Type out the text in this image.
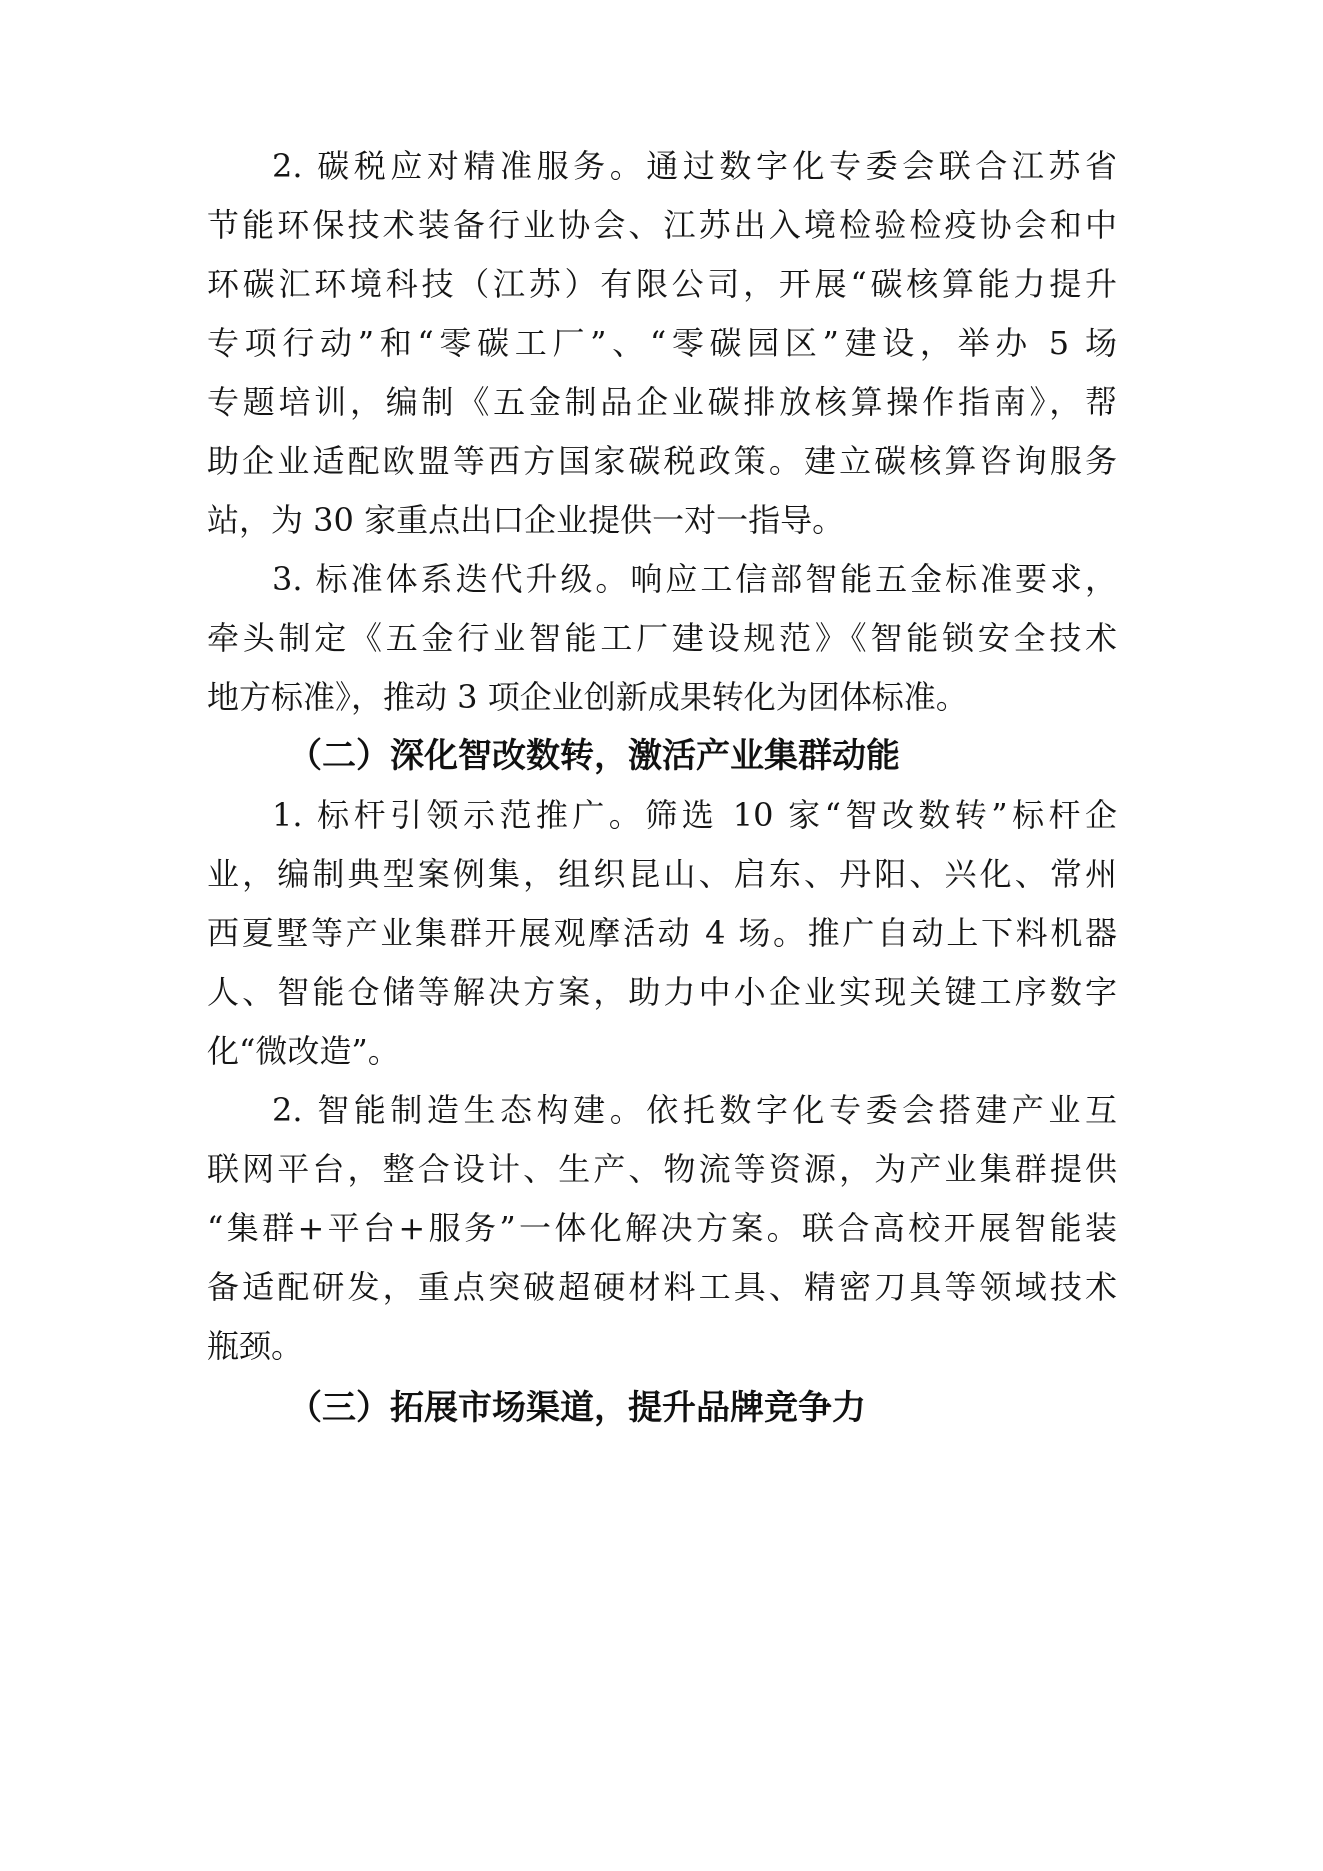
2. 碳税应对精准服务。通过数字化专委会联合江苏省
节能环保技术装备行业协会、江苏出入境检验检疫协会和中
环碳汇环境科技（江苏）有限公司，开展“碳核算能力提升
专项行动”和“零碳工厂”、“零碳园区”建设，举办 5 场
专题培训，编制《五金制品企业碳排放核算操作指南》，帮
助企业适配欧盟等西方国家碳税政策。建立碳核算咨询服务
站，为 30 家重点出口企业提供一对一指导。
3. 标准体系迭代升级。响应工信部智能五金标准要求，
牵头制定《五金行业智能工厂建设规范》《智能锁安全技术
地方标准》，推动 3 项企业创新成果转化为团体标准。
（二）深化智改数转，激活产业集群动能
1. 标杆引领示范推广。筛选 10 家“智改数转”标杆企
业，编制典型案例集，组织昆山、启东、丹阳、兴化、常州
西夏墅等产业集群开展观摩活动 4 场。推广自动上下料机器
人、智能仓储等解决方案，助力中小企业实现关键工序数字
化“微改造”。
2. 智能制造生态构建。依托数字化专委会搭建产业互
联网平台，整合设计、生产、物流等资源，为产业集群提供
“集群+平台+服务”一体化解决方案。联合高校开展智能装
备适配研发，重点突破超硬材料工具、精密刀具等领域技术
瓶颈。
（三）拓展市场渠道，提升品牌竞争力
